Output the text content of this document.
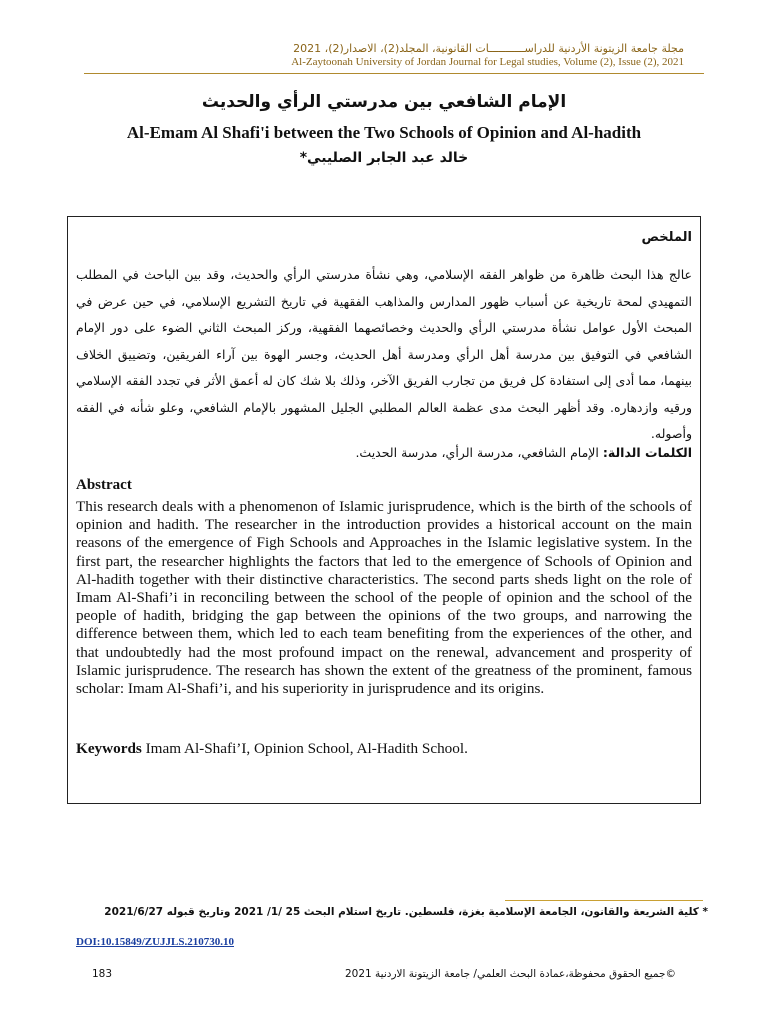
مجلة جامعة الزيتونة الأردنية للدراســـــــــــات القانونية، المجلد(2)، الاصدار(2)، 2021
Al-Zaytoonah University of Jordan Journal for Legal studies, Volume (2), Issue (2), 2021
الإمام الشافعي بين مدرستي الرأي والحديث
Al-Emam Al Shafi'i between the Two Schools of Opinion and Al-hadith
خالد عبد الجابر الصليبي*
الملخص
عالج هذا البحث ظاهرة من ظواهر الفقه الإسلامي، وهي نشأة مدرستي الرأي والحديث، وقد بين الباحث في المطلب التمهيدي لمحة تاريخية عن أسباب ظهور المدارس والمذاهب الفقهية في تاريخ التشريع الإسلامي، في حين عرض في المبحث الأول عوامل نشأة مدرستي الرأي والحديث وخصائصهما الفقهية، وركز المبحث الثاني الضوء على دور الإمام الشافعي في التوفيق بين مدرسة أهل الرأي ومدرسة أهل الحديث، وجسر الهوة بين آراء الفريقين، وتضييق الخلاف بينهما، مما أدى إلى استفادة كل فريق من تجارب الفريق الآخر، وذلك بلا شك كان له أعمق الأثر في تجدد الفقه الإسلامي ورقيه وازدهاره. وقد أظهر البحث مدى عظمة العالم المطلبي الجليل المشهور بالإمام الشافعي، وعلو شأنه في الفقه وأصوله.
الكلمات الدالة: الإمام الشافعي، مدرسة الرأي، مدرسة الحديث.
Abstract
This research deals with a phenomenon of Islamic jurisprudence, which is the birth of the schools of opinion and hadith. The researcher in the introduction provides a historical account on the main reasons of the emergence of Figh Schools and Approaches in the Islamic legislative system. In the first part, the researcher highlights the factors that led to the emergence of Schools of Opinion and Al-hadith together with their distinctive characteristics. The second parts sheds light on the role of Imam Al-Shafi’i in reconciling between the school of the people of opinion and the school of the people of hadith, bridging the gap between the opinions of the two groups, and narrowing the difference between them, which led to each team benefiting from the experiences of the other, and that undoubtedly had the most profound impact on the renewal, advancement and prosperity of Islamic jurisprudence. The research has shown the extent of the greatness of the prominent, famous scholar: Imam Al-Shafi’i, and his superiority in jurisprudence and its origins.
Keywords Imam Al-Shafi’I, Opinion School, Al-Hadith School.
* كلية الشريعة والقانون، الجامعة الإسلامية بغزة، فلسطين. تاريخ استلام البحث 25 /1/ 2021 وتاريخ قبوله 2021/6/27
DOI:10.15849/ZUJJLS.210730.10
183	©جميع الحقوق محفوظة،عمادة البحث العلمي/ جامعة الزيتونة الاردنية 2021
